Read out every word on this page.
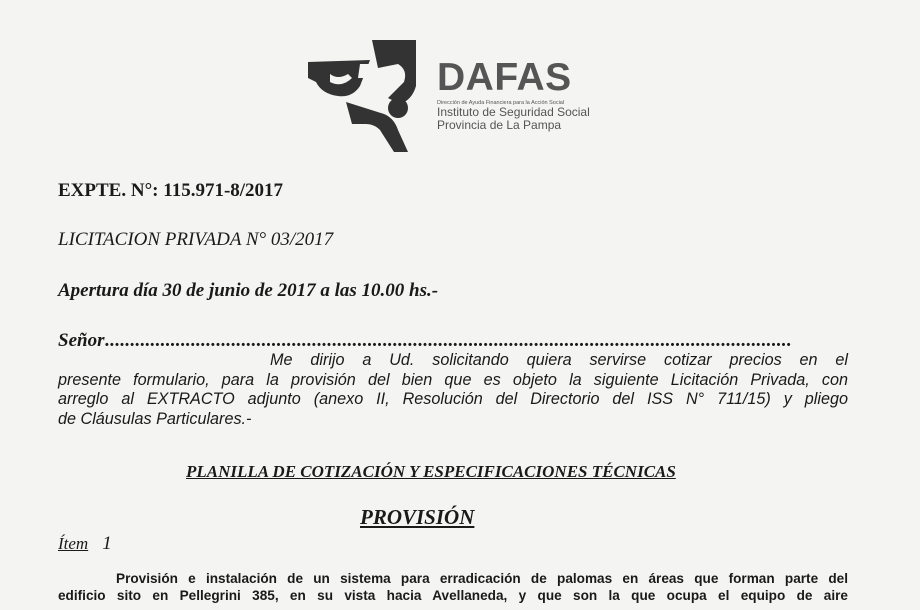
DAFAS
Dirección de Ayuda Financiera para la Acción Social
Instituto de Seguridad Social
Provincia de La Pampa
EXPTE. N°: 115.971-8/2017
LICITACION PRIVADA N° 03/2017
Apertura día 30 de junio de 2017 a las 10.00 hs.-
Señor........................................................................................................................................
Me dirijo a Ud. solicitando quiera servirse cotizar precios en el
presente formulario, para la provisión del bien que es objeto la siguiente Licitación Privada, con
arreglo al EXTRACTO adjunto (anexo II, Resolución del Directorio del ISS N° 711/15) y pliego
de Cláusulas Particulares.-
PLANILLA DE COTIZACIÓN Y ESPECIFICACIONES TÉCNICAS
PROVISIÓN
Ítem 1
Provisión e instalación de un sistema para erradicación de palomas en áreas que forman parte del
edificio sito en Pellegrini 385, en su vista hacia Avellaneda, y que son la que ocupa el equipo de aire
